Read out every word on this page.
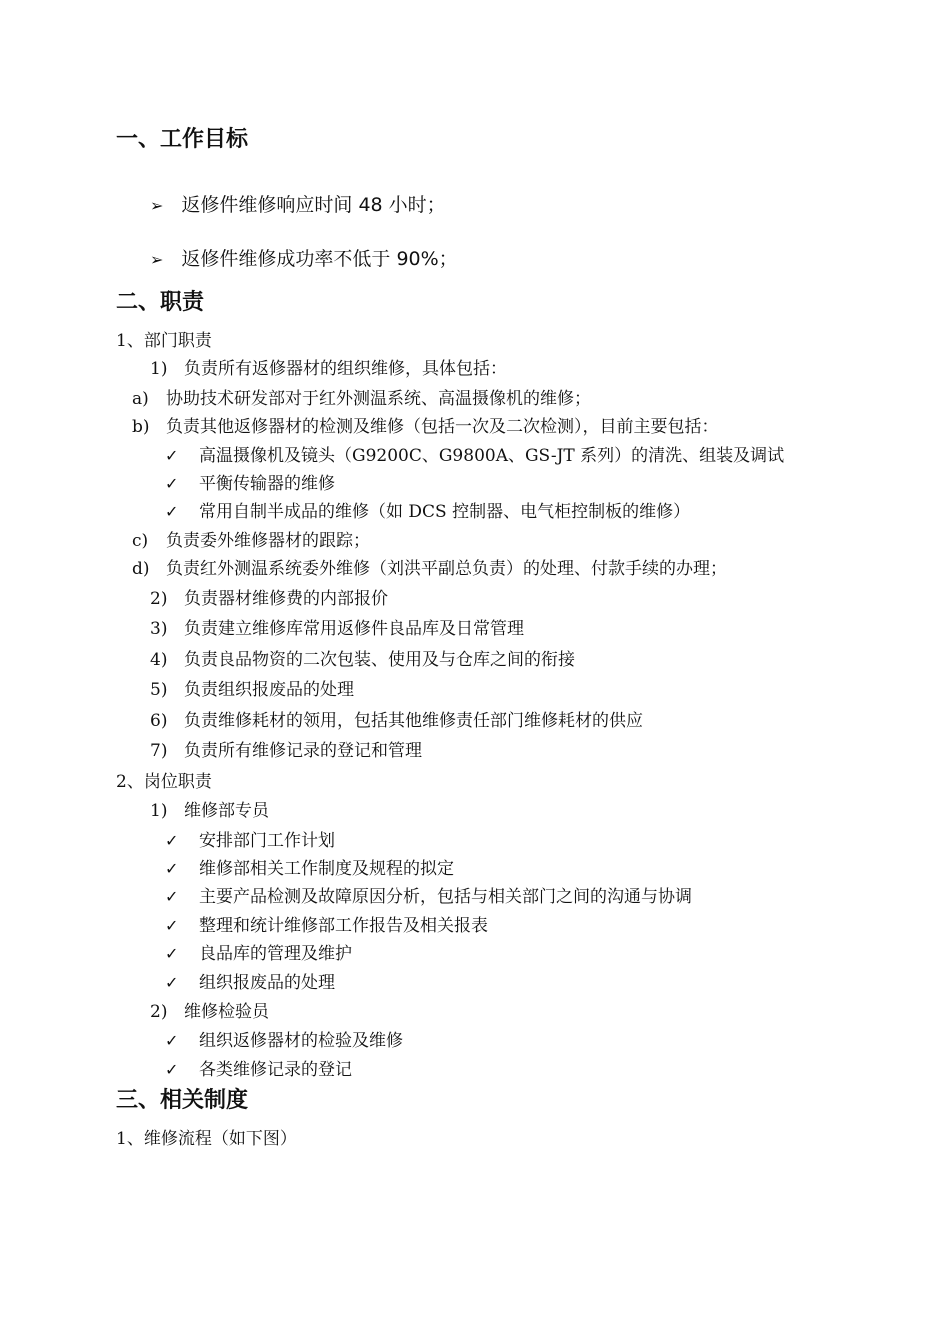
一、工作目标
➢ 返修件维修响应时间 48 小时；
➢ 返修件维修成功率不低于 90%；
二、职责
1、部门职责
1) 负责所有返修器材的组织维修，具体包括：
a) 协助技术研发部对于红外测温系统、高温摄像机的维修；
b) 负责其他返修器材的检测及维修（包括一次及二次检测），目前主要包括：
✓ 高温摄像机及镜头（G9200C、G9800A、GS-JT 系列）的清洗、组装及调试
✓ 平衡传输器的维修
✓ 常用自制半成品的维修（如 DCS 控制器、电气柜控制板的维修）
c) 负责委外维修器材的跟踪；
d) 负责红外测温系统委外维修（刘洪平副总负责）的处理、付款手续的办理；
2) 负责器材维修费的内部报价
3) 负责建立维修库常用返修件良品库及日常管理
4) 负责良品物资的二次包装、使用及与仓库之间的衔接
5) 负责组织报废品的处理
6) 负责维修耗材的领用，包括其他维修责任部门维修耗材的供应
7) 负责所有维修记录的登记和管理
2、岗位职责
1) 维修部专员
✓ 安排部门工作计划
✓ 维修部相关工作制度及规程的拟定
✓ 主要产品检测及故障原因分析，包括与相关部门之间的沟通与协调
✓ 整理和统计维修部工作报告及相关报表
✓ 良品库的管理及维护
✓ 组织报废品的处理
2) 维修检验员
✓ 组织返修器材的检验及维修
✓ 各类维修记录的登记
三、相关制度
1、维修流程（如下图）
